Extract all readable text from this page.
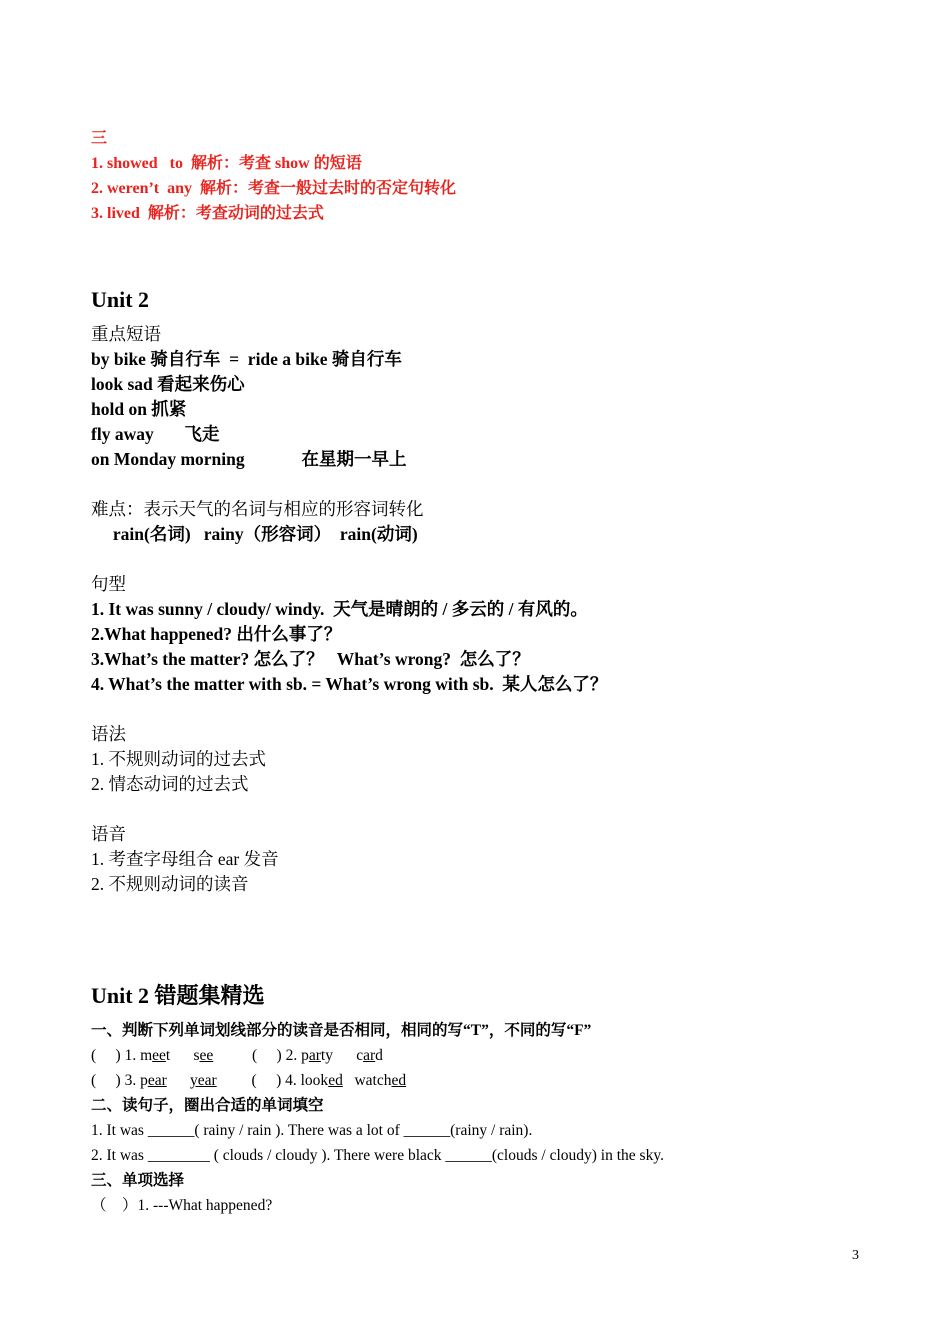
三
1. showed   to  解析：考查 show 的短语
2. weren’t  any  解析：考查一般过去时的否定句转化
3. lived  解析：考查动词的过去式
Unit 2
重点短语
by bike 骑自行车  =  ride a bike 骑自行车
look sad 看起来伤心
hold on 抓紧
fly away       飞走
on Monday morning             在星期一早上
难点：表示天气的名词与相应的形容词转化
rain(名词)   rainy（形容词）  rain(动词)
句型
1. It was sunny / cloudy/ windy.  天气是晴朗的 / 多云的 / 有风的。
2.What happened? 出什么事了？
3.What’s the matter? 怎么了？   What’s wrong?  怎么了？
4. What’s the matter with sb. = What’s wrong with sb.  某人怎么了？
语法
1. 不规则动词的过去式
2. 情态动词的过去式
语音
1. 考查字母组合 ear 发音
2. 不规则动词的读音
Unit 2 错题集精选
一、判断下列单词划线部分的读音是否相同，相同的写“T”，不同的写“F”
(     ) 1. meet      see          (     ) 2. party      card
(     ) 3. pear year         (     ) 4. looked   watched
二、读句子，圈出合适的单词填空
1. It was ______( rainy / rain ). There was a lot of ______(rainy / rain).
2. It was ________ ( clouds / cloudy ). There were black ______(clouds / cloudy) in the sky.
三、单项选择
（    ）1. ---What happened?
3
